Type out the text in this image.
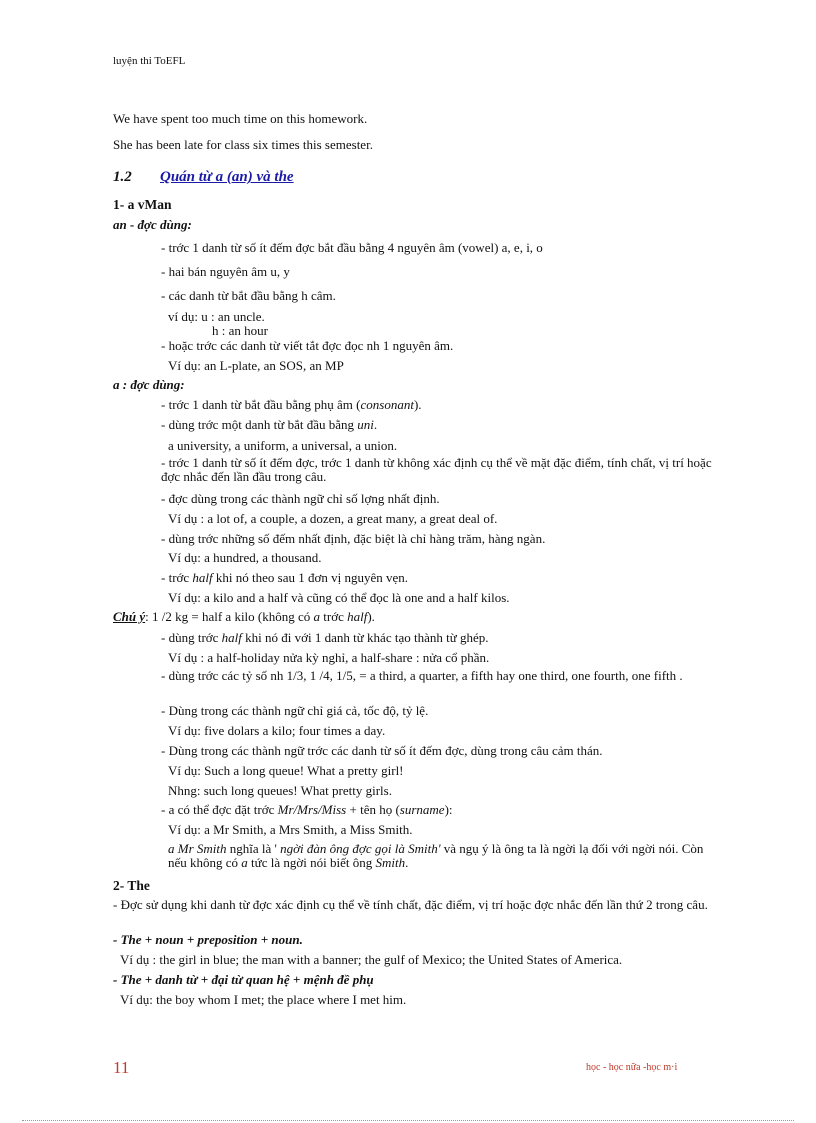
luyện thi ToEFL
We have spent too much time on this homework.
She has been late for class six times this semester.
1.2 Quán từ a (an) và the
1- a vMan
an - đợc dùng:
- trớc 1 danh từ số ít đếm đợc bắt đầu bằng 4 nguyên âm (vowel) a, e, i, o
- hai bán nguyên âm u, y
- các danh từ bắt đầu bằng h câm.
ví dụ: u : an uncle.
h : an hour
- hoặc trớc các danh từ viết tắt đợc đọc nh 1 nguyên âm.
Ví dụ: an L-plate, an SOS, an MP
a : đợc dùng:
- trớc 1 danh từ bắt đầu bằng phụ âm (consonant).
- dùng trớc một danh từ bắt đầu bằng uni.
a university, a uniform, a universal, a union.
- trớc 1 danh từ số ít đếm đợc, trớc 1 danh từ không xác định cụ thể về mặt đặc điểm, tính chất, vị trí hoặc đợc nhắc đến lần đầu trong câu.
- đợc dùng trong các thành ngữ chỉ số lợng nhất định.
Ví dụ : a lot of, a couple, a dozen, a great many, a great deal of.
- dùng trớc những số đếm nhất định, đặc biệt là chỉ hàng trăm, hàng ngàn.
Ví dụ: a hundred, a thousand.
- trớc half khi nó theo sau 1 đơn vị nguyên vẹn.
Ví dụ: a kilo and a half và cũng có thể đọc là one and a half kilos.
Chú ý: 1 /2 kg = half a kilo (không có a trớc half).
- dùng trớc half khi nó đi với 1 danh từ khác tạo thành từ ghép.
Ví dụ : a half-holiday nửa kỳ nghỉ, a half-share : nửa cổ phần.
- dùng trớc các tỷ số nh 1/3, 1 /4, 1/5, = a third, a quarter, a fifth hay one third, one fourth, one fifth .
- Dùng trong các thành ngữ chỉ giá cả, tốc độ, tỷ lệ.
Ví dụ: five dolars a kilo; four times a day.
- Dùng trong các thành ngữ trớc các danh từ số ít đếm đợc, dùng trong câu cảm thán.
Ví dụ: Such a long queue! What a pretty girl!
Nhng: such long queues! What pretty girls.
- a có thể đợc đặt trớc Mr/Mrs/Miss + tên họ (surname):
Ví dụ: a Mr Smith, a Mrs Smith, a Miss Smith.
a Mr Smith nghĩa là ' ngời đàn ông đợc gọi là Smith' và ngụ ý là ông ta là ngời lạ đối với ngời nói. Còn nếu không có a tức là ngời nói biết ông Smith.
2- The
- Đợc sử dụng khi danh từ đợc xác định cụ thể về tính chất, đặc điểm, vị trí hoặc đợc nhắc đến lần thứ 2 trong câu.
- The + noun + preposition + noun.
Ví dụ : the girl in blue; the man with a banner; the gulf of Mexico; the United States of America.
- The + danh từ + đại từ quan hệ + mệnh đề phụ
Ví dụ: the boy whom I met; the place where I met him.
11	học - học nữa -học m·i
